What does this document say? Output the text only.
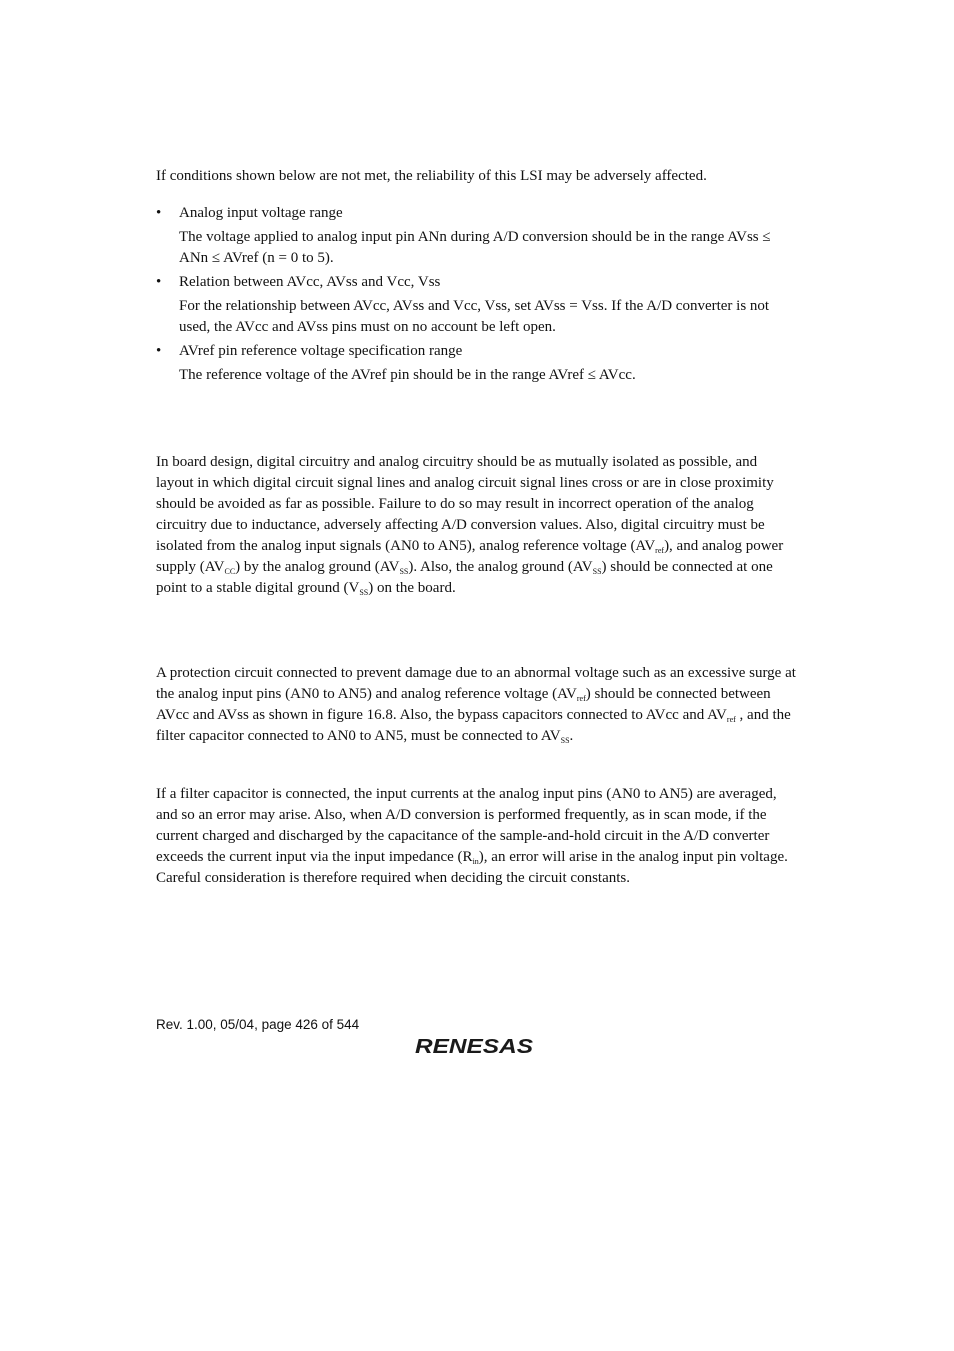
If conditions shown below are not met, the reliability of this LSI may be adversely affected.

•	Analog input voltage range
The voltage applied to analog input pin ANn during A/D conversion should be in the range AVss ≤ ANn ≤ AVref (n = 0 to 5).
•	Relation between AVcc, AVss and Vcc, Vss
For the relationship between AVcc, AVss and Vcc, Vss, set AVss = Vss. If the A/D converter is not used, the AVcc and AVss pins must on no account be left open.
•	AVref pin reference voltage specification range
The reference voltage of the AVref pin should be in the range AVref ≤ AVcc.

In board design, digital circuitry and analog circuitry should be as mutually isolated as possible, and layout in which digital circuit signal lines and analog circuit signal lines cross or are in close proximity should be avoided as far as possible. Failure to do so may result in incorrect operation of the analog circuitry due to inductance, adversely affecting A/D conversion values. Also, digital circuitry must be isolated from the analog input signals (AN0 to AN5), analog reference voltage $(AV_{ref})$, and analog power supply $(AV_{CC})$ by the analog ground $(AV_{SS})$. Also, the analog ground $(AV_{SS})$ should be connected at one point to a stable digital ground $(V_{SS})$ on the board.

A protection circuit connected to prevent damage due to an abnormal voltage such as an excessive surge at the analog input pins (AN0 to AN5) and analog reference voltage $(AV_{ref})$ should be connected between AVcc and AVss as shown in figure 16.8. Also, the bypass capacitors connected to AVcc and $AV_{ref}$ , and the filter capacitor connected to AN0 to AN5, must be connected to $AV_{SS}$.

If a filter capacitor is connected, the input currents at the analog input pins (AN0 to AN5) are averaged, and so an error may arise. Also, when A/D conversion is performed frequently, as in scan mode, if the current charged and discharged by the capacitance of the sample-and-hold circuit in the A/D converter exceeds the current input via the input impedance $(R_{in})$, an error will arise in the analog input pin voltage. Careful consideration is therefore required when deciding the circuit constants.

Rev. 1.00, 05/04, page 426 of 544
RENESAS
